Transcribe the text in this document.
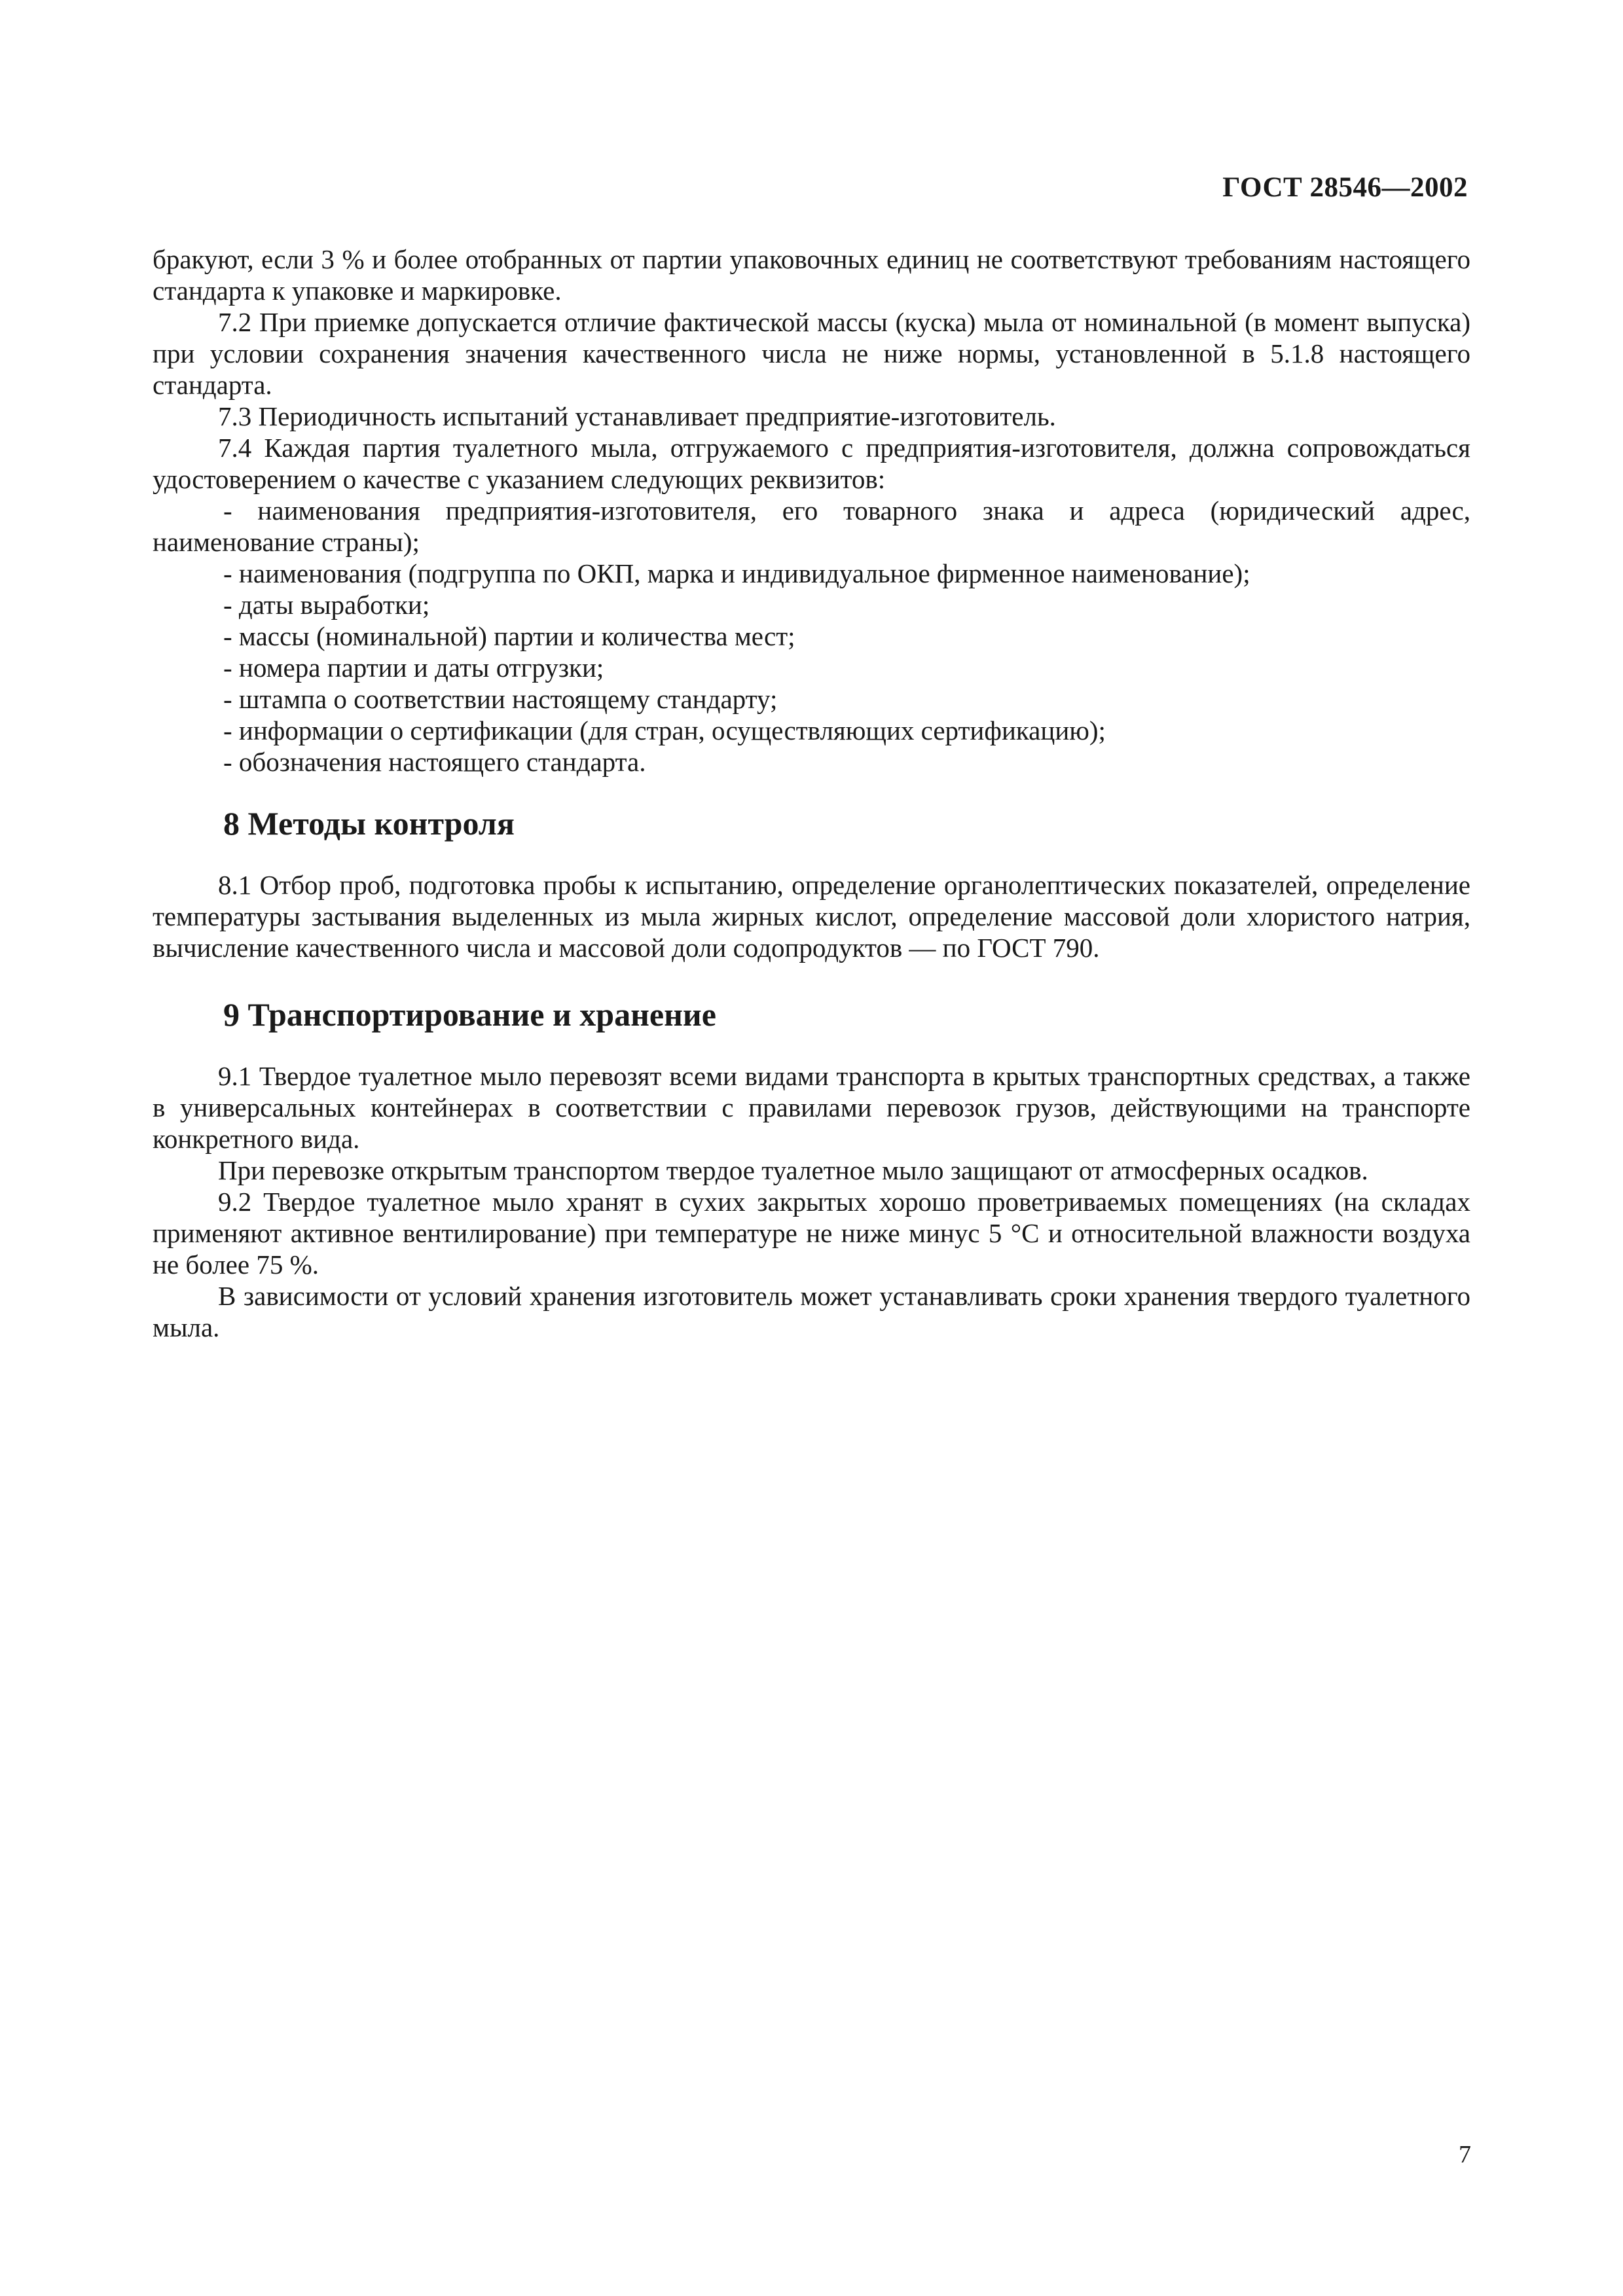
ГОСТ 28546—2002

бракуют, если 3 % и более отобранных от партии упаковочных единиц не соответствуют требованиям настоящего стандарта к упаковке и маркировке.

7.2 При приемке допускается отличие фактической массы (куска) мыла от номинальной (в момент выпуска) при условии сохранения значения качественного числа не ниже нормы, установленной в 5.1.8 настоящего стандарта.

7.3 Периодичность испытаний устанавливает предприятие-изготовитель.

7.4 Каждая партия туалетного мыла, отгружаемого с предприятия-изготовителя, должна сопровождаться удостоверением о качестве с указанием следующих реквизитов:

- наименования предприятия-изготовителя, его товарного знака и адреса (юридический адрес, наименование страны);

- наименования (подгруппа по ОКП, марка и индивидуальное фирменное наименование);

- даты выработки;

- массы (номинальной) партии и количества мест;

- номера партии и даты отгрузки;

- штампа о соответствии настоящему стандарту;

- информации о сертификации (для стран, осуществляющих сертификацию);

- обозначения настоящего стандарта.

8 Методы контроля

8.1 Отбор проб, подготовка пробы к испытанию, определение органолептических показателей, определение температуры застывания выделенных из мыла жирных кислот, определение массовой доли хлористого натрия, вычисление качественного числа и массовой доли содопродуктов — по ГОСТ 790.

9 Транспортирование и хранение

9.1 Твердое туалетное мыло перевозят всеми видами транспорта в крытых транспортных средствах, а также в универсальных контейнерах в соответствии с правилами перевозок грузов, действующими на транспорте конкретного вида.

При перевозке открытым транспортом твердое туалетное мыло защищают от атмосферных осадков.

9.2 Твердое туалетное мыло хранят в сухих закрытых хорошо проветриваемых помещениях (на складах применяют активное вентилирование) при температуре не ниже минус 5 °С и относительной влажности воздуха не более 75 %.

В зависимости от условий хранения изготовитель может устанавливать сроки хранения твердого туалетного мыла.

7
